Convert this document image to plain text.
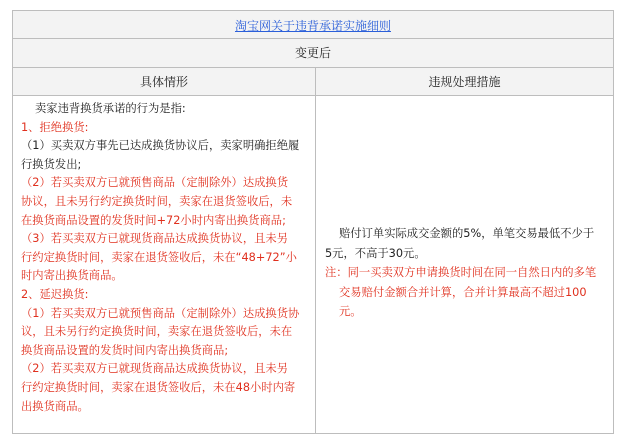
淘宝网关于违背承诺实施细则
变更后
具体情形	违规处理措施

卖家违背换货承诺的行为是指:

1、拒绝换货:

（1）买卖双方事先已达成换货协议后，卖家明确拒绝履

行换货发出;

（2）若买卖双方已就预售商品（定制除外）达成换货

协议，且未另行约定换货时间，卖家在退货签收后，未

在换货商品设置的发货时间+72小时内寄出换货商品;

（3）若买卖双方已就现货商品达成换货协议，且未另

行约定换货时间，卖家在退货签收后，未在“48+72”小

时内寄出换货商品。

2、延迟换货:

（1）若买卖双方已就预售商品（定制除外）达成换货协

议，且未另行约定换货时间，卖家在退货签收后，未在

换货商品设置的发货时间内寄出换货商品;

（2）若买卖双方已就现货商品达成换货协议，且未另

行约定换货时间，卖家在退货签收后，未在48小时内寄

出换货商品。

赔付订单实际成交金额的5%，单笔交易最低不少于

5元，不高于30元。

注：同一买卖双方申请换货时间在同一自然日内的多笔

交易赔付金额合并计算，合并计算最高不超过100元。
